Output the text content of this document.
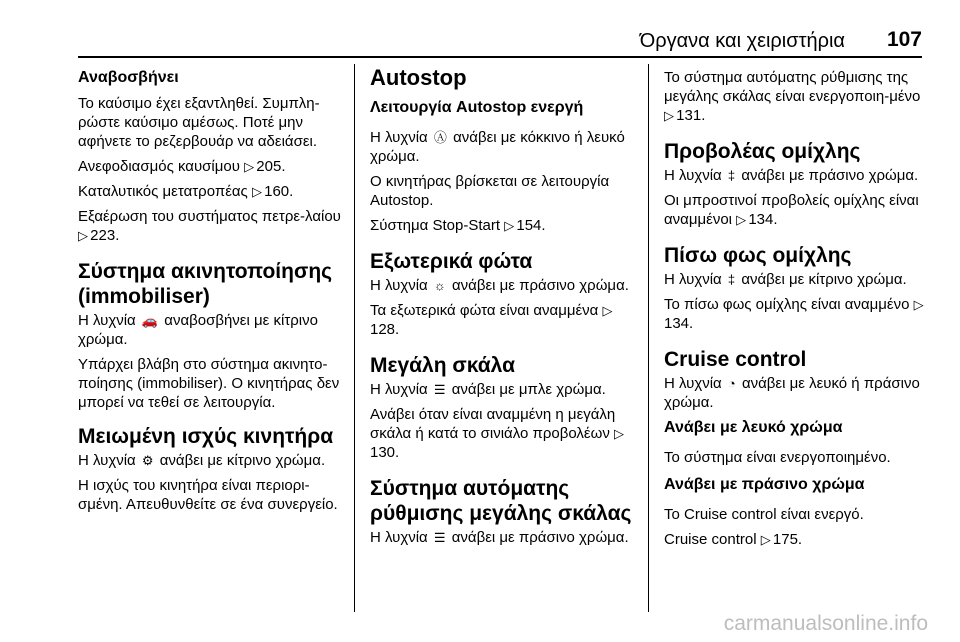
Όργανα και χειριστήρια 107
Αναβοσβήνει

Το καύσιμο έχει εξαντληθεί. Συμπλη-ρώστε καύσιμο αμέσως. Ποτέ μην αφήνετε το ρεζερβουάρ να αδειάσει.

Ανεφοδιασμός καυσίμου ▷ 205.

Καταλυτικός μετατροπέας ▷ 160.

Εξαέρωση του συστήματος πετρε-λαίου ▷ 223.

Σύστημα ακινητοποίησης (immobiliser)

Η λυχνία 🚗 αναβοσβήνει με κίτρινο χρώμα.

Υπάρχει βλάβη στο σύστημα ακινητο-ποίησης (immobiliser). Ο κινητήρας δεν μπορεί να τεθεί σε λειτουργία.

Μειωμένη ισχύς κινητήρα

Η λυχνία ⚙ ανάβει με κίτρινο χρώμα.

Η ισχύς του κινητήρα είναι περιορι-σμένη. Απευθυνθείτε σε ένα συνεργείο.

Autostop
Λειτουργία Autostop ενεργή

Η λυχνία Ⓐ ανάβει με κόκκινο ή λευκό χρώμα.

Ο κινητήρας βρίσκεται σε λειτουργία Autostop.

Σύστημα Stop-Start ▷ 154.

Εξωτερικά φώτα

Η λυχνία ☼ ανάβει με πράσινο χρώμα.

Τα εξωτερικά φώτα είναι αναμμένα ▷ 128.

Μεγάλη σκάλα

Η λυχνία ☰ ανάβει με μπλε χρώμα.

Ανάβει όταν είναι αναμμένη η μεγάλη σκάλα ή κατά το σινιάλο προβολέων ▷ 130.

Σύστημα αυτόματης ρύθμισης μεγάλης σκάλας

Η λυχνία ☰ ανάβει με πράσινο χρώμα.

Το σύστημα αυτόματης ρύθμισης της μεγάλης σκάλας είναι ενεργοποιη-μένο ▷ 131.

Προβολέας ομίχλης

Η λυχνία ‡ ανάβει με πράσινο χρώμα.

Οι μπροστινοί προβολείς ομίχλης είναι αναμμένοι ▷ 134.

Πίσω φως ομίχλης

Η λυχνία ‡ ανάβει με κίτρινο χρώμα.

Το πίσω φως ομίχλης είναι αναμμένο ▷ 134.

Cruise control

Η λυχνία ◔ ανάβει με λευκό ή πράσινο χρώμα.

Ανάβει με λευκό χρώμα

Το σύστημα είναι ενεργοποιημένο.

Ανάβει με πράσινο χρώμα

To Cruise control είναι ενεργό.

Cruise control ▷ 175.

carmanualsonline.info
